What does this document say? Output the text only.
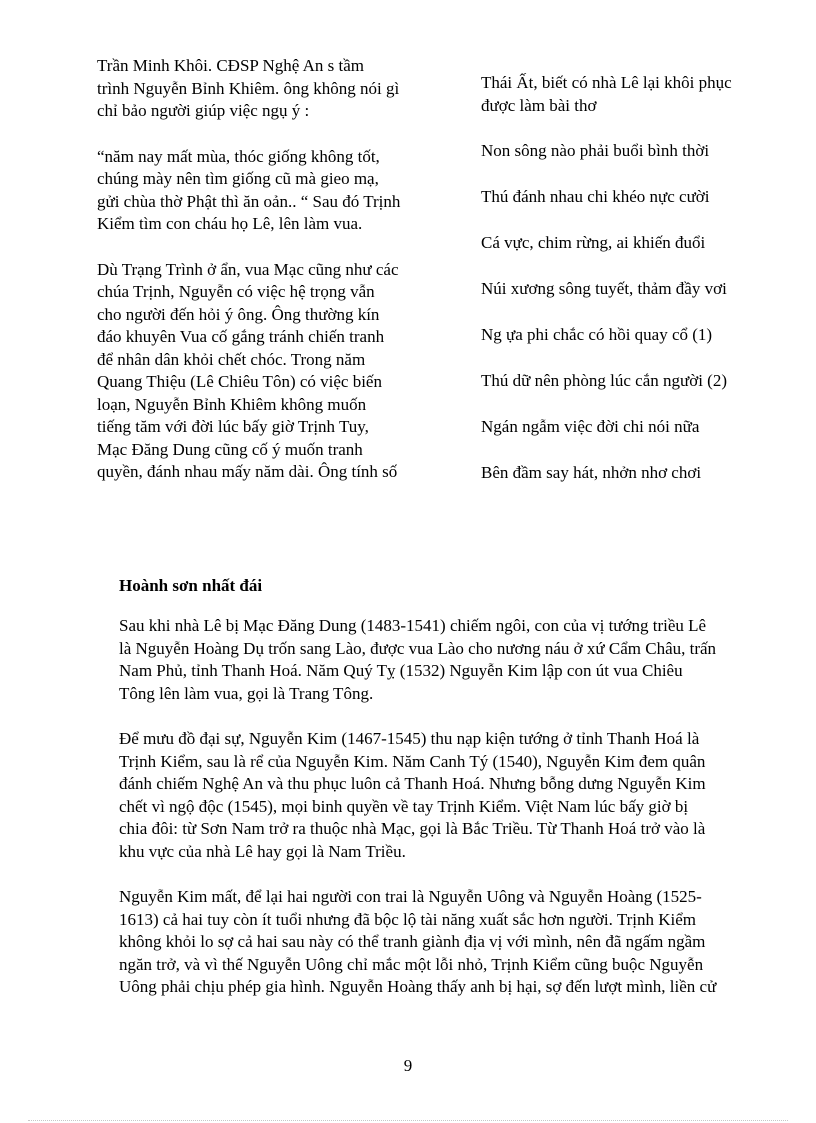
Trần Minh Khôi. CĐSP Nghệ An s tầm
trình Nguyễn Bỉnh Khiêm. ông không nói gì
chỉ bảo người giúp việc ngụ ý :
“năm nay mất mùa, thóc giống không tốt,
chúng mày nên tìm giống cũ mà gieo mạ,
gửi chùa thờ Phật thì ăn oản.. “ Sau đó Trịnh
Kiểm tìm con cháu họ Lê, lên làm vua.
Dù Trạng Trình ở ẩn, vua Mạc cũng như các
chúa Trịnh, Nguyễn có việc hệ trọng vẫn
cho người đến hỏi ý ông. Ông thường kín
đáo khuyên Vua cố gắng tránh chiến tranh
để nhân dân khỏi chết chóc. Trong năm
Quang Thiệu (Lê Chiêu Tôn) có việc biến
loạn, Nguyễn Bỉnh Khiêm không muốn
tiếng tăm với đời lúc bấy giờ Trịnh Tuy,
Mạc Đăng Dung cũng cố ý muốn tranh
quyền, đánh nhau mấy năm dài. Ông tính số
Thái Ất, biết có nhà Lê lại khôi phục
được làm bài thơ
Non sông nào phải buổi bình thời
Thú đánh nhau chi khéo nực cười
Cá vực, chim rừng, ai khiến đuổi
Núi xương sông tuyết, thảm đầy vơi
Ng ựa phi chắc có hồi quay cổ (1)
Thú dữ nên phòng lúc cắn người (2)
Ngán ngẫm việc đời chi nói nữa
Bên đầm say hát, nhởn nhơ chơi
Hoành sơn nhất đái
Sau khi nhà Lê bị Mạc Đăng Dung (1483-1541) chiếm ngôi, con của vị tướng triều Lê
là Nguyễn Hoàng Dụ trốn sang Lào, được vua Lào cho nương náu ở xứ Cẩm Châu, trấn
Nam Phủ, tỉnh Thanh Hoá. Năm Quý Tỵ (1532) Nguyễn Kim lập con út vua Chiêu
Tông lên làm vua, gọi là Trang Tông.
Để mưu đồ đại sự, Nguyễn Kim (1467-1545) thu nạp kiện tướng ở tỉnh Thanh Hoá là
Trịnh Kiểm, sau là rể của Nguyễn Kim. Năm Canh Tý (1540), Nguyễn Kim đem quân
đánh chiếm Nghệ An và thu phục luôn cả Thanh Hoá. Nhưng bỗng dưng Nguyễn Kim
chết vì ngộ độc (1545), mọi binh quyền về tay Trịnh Kiểm. Việt Nam lúc bấy giờ bị
chia đôi: từ Sơn Nam trở ra thuộc nhà Mạc, gọi là Bắc Triều. Từ Thanh Hoá trở vào là
khu vực của nhà Lê hay gọi là Nam Triều.
Nguyễn Kim mất, để lại hai người con trai là Nguyễn Uông và Nguyễn Hoàng (1525-
1613) cả hai tuy còn ít tuổi nhưng đã bộc lộ tài năng xuất sắc hơn người. Trịnh Kiểm
không khỏi lo sợ cả hai sau này có thể tranh giành địa vị với mình, nên đã ngấm ngầm
ngăn trở, và vì thế Nguyễn Uông chỉ mắc một lỗi nhỏ, Trịnh Kiểm cũng buộc Nguyễn
Uông phải chịu phép gia hình. Nguyễn Hoàng thấy anh bị hại, sợ đến lượt mình, liền cử
9
